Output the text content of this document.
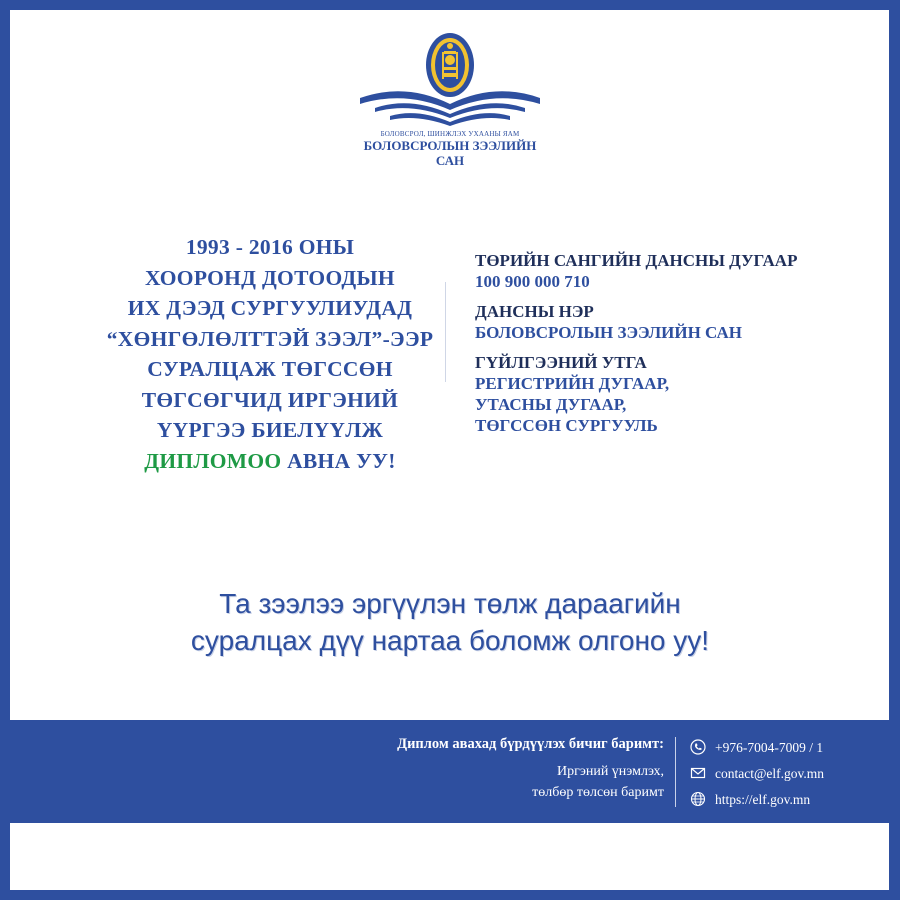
БОЛОВСРОЛ, ШИНЖЛЭХ УХААНЫ ЯАМ
БОЛОВСРОЛЫН ЗЭЭЛИЙН
САН
1993 - 2016 ОНЫ
ХООРОНД ДОТООДЫН
ИХ ДЭЭД СУРГУУЛИУДАД
“ХӨНГӨЛӨЛТТЭЙ ЗЭЭЛ”-ЭЭР
СУРАЛЦАЖ ТӨГССӨН
ТӨГСӨГЧИД ИРГЭНИЙ
ҮҮРГЭЭ БИЕЛҮҮЛЖ
ДИПЛОМОО АВНА УУ!
ТӨРИЙН САНГИЙН ДАНСНЫ ДУГААР
100 900 000 710
ДАНСНЫ НЭР
БОЛОВСРОЛЫН ЗЭЭЛИЙН САН
ГҮЙЛГЭЭНИЙ УТГА
РЕГИСТРИЙН ДУГААР,
УТАСНЫ ДУГААР,
ТӨГССӨН СУРГУУЛЬ
Та зээлээ эргүүлэн төлж дараагийн
суралцах дүү нартаа боломж олгоно уу!
Диплом авахад бүрдүүлэх бичиг баримт:
Иргэний үнэмлэх,
төлбөр төлсөн баримт
+976-7004-7009 / 1
contact@elf.gov.mn
https://elf.gov.mn
